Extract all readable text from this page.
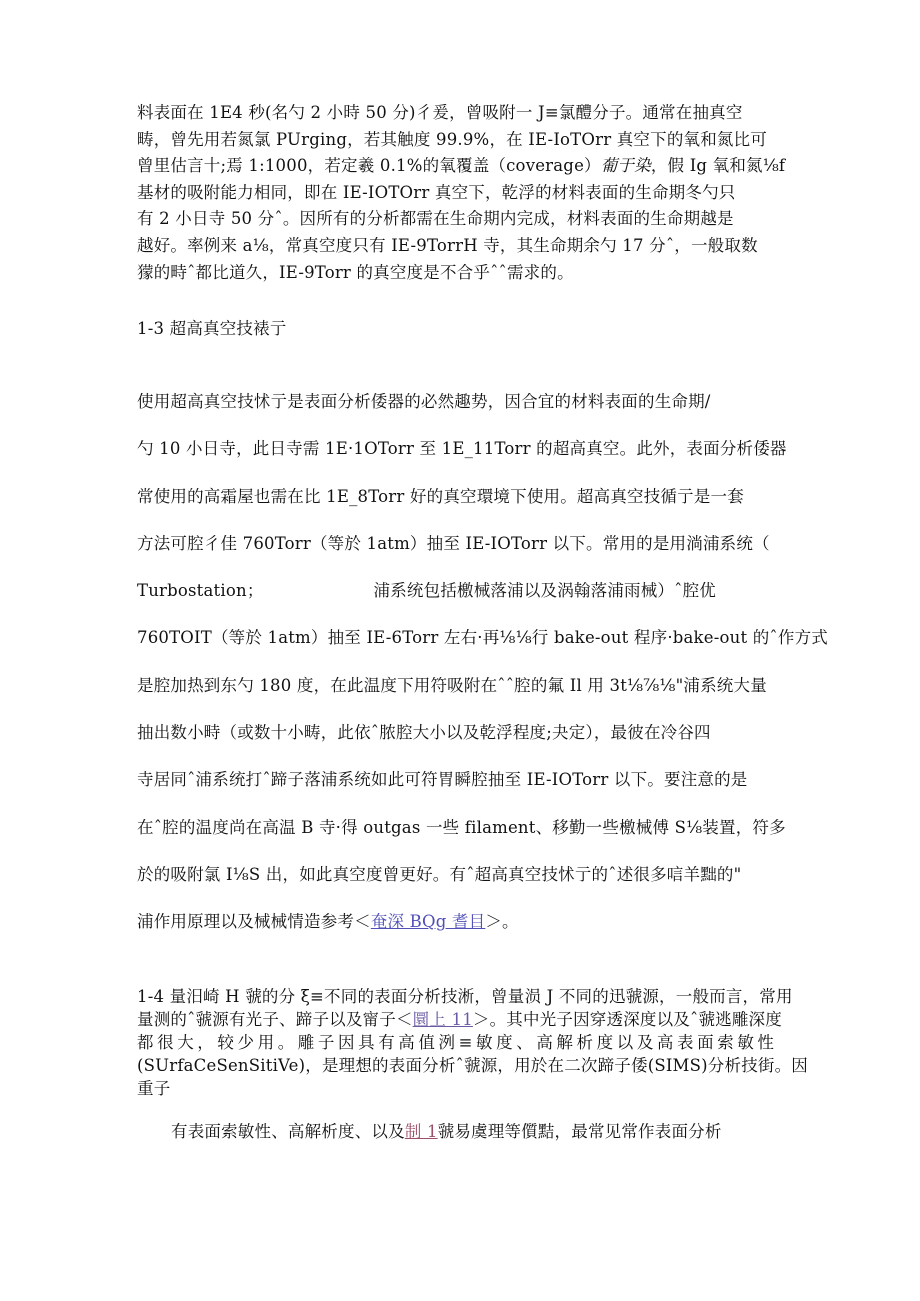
料表面在 1E4 秒(名勺 2 小時 50 分)彳爰，曾吸附一 J≡氯醴分子。通常在抽真空
畴，曾先用若氮氯 PUrging，若其触度 99.9%，在 IE-IoTOrr 真空下的氧和氮比可
曾里估言十;焉 1:1000，若定羲 0.1%的氧覆盖（coverage）葡于染，假 Ig 氧和氮⅛f
基材的吸附能力相同，即在 IE-IOTOrr 真空下，乾浮的材料表面的生命期冬勺只
有 2 小日寺 50 分ˆ。因所有的分析都需在生命期内完成，材料表面的生命期越是
越好。率例来 a⅛，常真空度只有 IE-9TorrH 寺，其生命期余勺 17 分ˆ，一般取数
獴的畤ˆ都比道久，IE-9Torr 的真空度是不合乎ˆˆ需求的。
1-3 超高真空技裱亍
使用超高真空技怵亍是表面分析倭器的必然趣势，因合宜的材料表面的生命期/
勺 10 小日寺，此日寺需 1E·1OTorr 至 1E_11Torr 的超高真空。此外，表面分析倭器
常使用的高霜屋也需在比 1E_8Torr 好的真空環境下使用。超高真空技循亍是一套
方法可腔彳佳 760Torr（等於 1atm）抽至 IE-IOTorr 以下。常用的是用淌浦系统（
Turbostation；	浦系统包括檄械落浦以及涡翰落浦雨械）ˆ腔优
760TOIT（等於 1atm）抽至 IE-6Torr 左右·再⅛⅛行 bake-out 程序·bake-out 的ˆ作方式
是腔加热到东勺 180 度，在此温度下用符吸附在ˆˆ腔的氟 Il 用 3t⅛⅞⅛"浦系统大量
抽出数小畤（或数十小畴，此依ˆ脓腔大小以及乾浮程度;夬定），最彼在冷谷四
寺居同ˆ浦系统打ˆ蹄子落浦系统如此可符胃瞬腔抽至 IE-IOTorr 以下。要注意的是
在ˆ腔的温度尚在高温 B 寺·得 outgas 一些 filament、移勤一些檄械傅 S⅛装置，符多
於的吸附氯 I⅛S 出，如此真空度曾更好。有ˆ超高真空技怵亍的ˆ述很多唁羊黜的"
浦作用原理以及械械情造参考＜奄深 BQg 耆目＞。
1-4 量汨崎 H 虢的分 ξ≡不同的表面分析技淅，曾量涢 J 不同的迅虢源，一般而言，常用
量测的ˆ虢源有光子、蹄子以及甯子＜圜上 11＞。其中光子因穿透深度以及ˆ虢逃雕深度
都很大，较少用。雕子因具有高值洌≡敏度、高解析度以及高表面索敏性
(SUrfaCeSenSitiVe)，是理想的表面分析ˆ虢源，用於在二次蹄子倭(SIMS)分析技街。因
重子
有表面索敏性、高解析度、以及制 1虢易虞理等儨黠，最常见常作表面分析
